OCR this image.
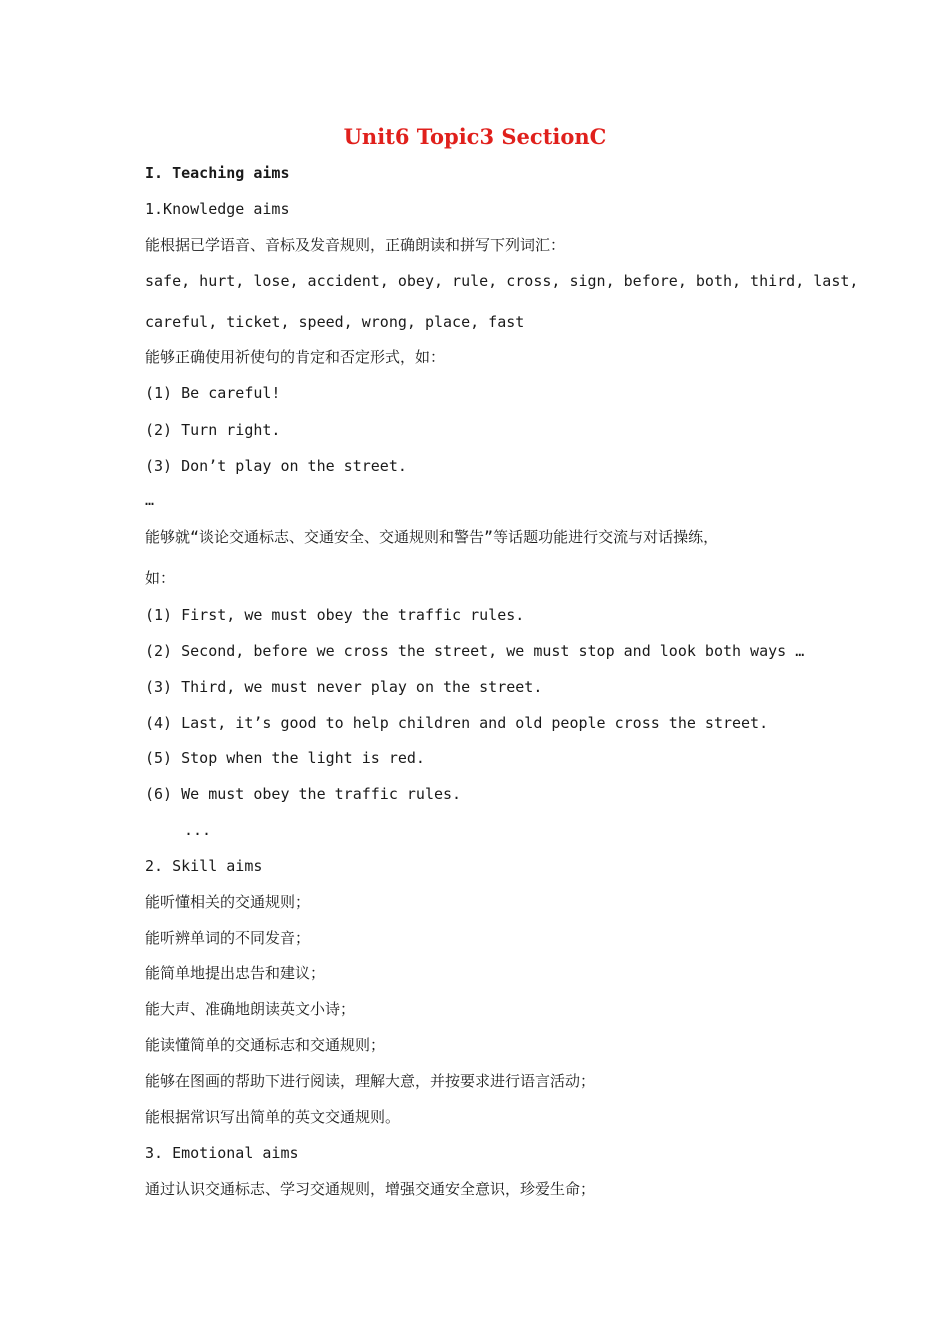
Unit6 Topic3 SectionC
I. Teaching aims
1.Knowledge aims
能根据已学语音、音标及发音规则，正确朗读和拼写下列词汇：
safe, hurt, lose, accident, obey, rule, cross, sign, before, both, third, last,
careful, ticket, speed, wrong, place, fast
能够正确使用祈使句的肯定和否定形式，如：
(1) Be careful!
(2) Turn right.
(3) Don’t play on the street.
…
能够就“谈论交通标志、交通安全、交通规则和警告”等话题功能进行交流与对话操练，
如：
(1) First, we must obey the traffic rules.
(2) Second, before we cross the street, we must stop and look both ways …
(3) Third, we must never play on the street.
(4) Last, it’s good to help children and old people cross the street.
(5) Stop when the light is red.
(6) We must obey the traffic rules.
...
2. Skill aims
能听懂相关的交通规则；
能听辨单词的不同发音；
能简单地提出忠告和建议；
能大声、准确地朗读英文小诗；
能读懂简单的交通标志和交通规则；
能够在图画的帮助下进行阅读，理解大意，并按要求进行语言活动；
能根据常识写出简单的英文交通规则。
3. Emotional aims
通过认识交通标志、学习交通规则，增强交通安全意识，珍爱生命；
